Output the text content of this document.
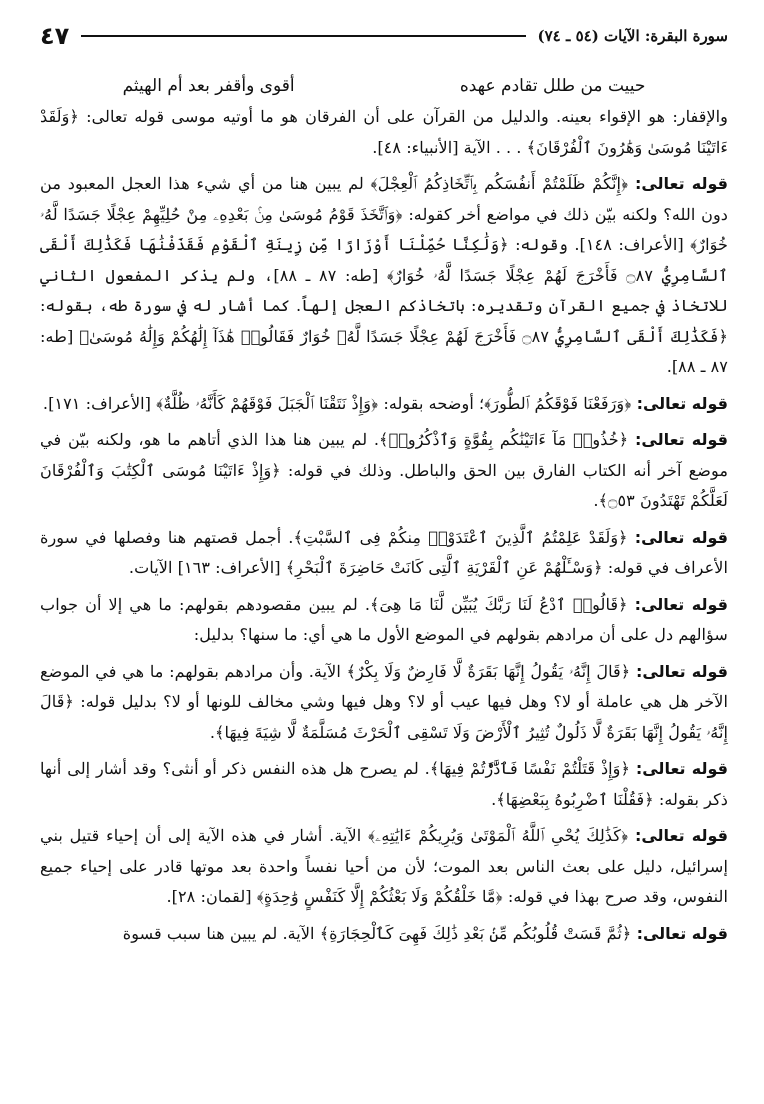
سورة البقرة: الآيات (٥٤ ـ ٧٤)
٤٧
حييت من طلل تقادم عهده
أقوى وأقفر بعد أم الهيثم

والإقفار: هو الإقواء بعينه. والدليل من القرآن على أن الفرقان هو ما أوتيه موسى قوله تعالى: ﴿وَلَقَدْ ءَاتَيْنَا مُوسَىٰ وَهَٰرُونَ ٱلْفُرْقَانَ﴾ . . . الآية [الأنبياء: ٤٨].

قوله تعالى: ﴿إِنَّكُمْ ظَلَمْتُمْ أَنفُسَكُم بِٱتِّخَاذِكُمُ ٱلْعِجْلَ﴾ لم يبين هنا من أي شيء هذا العجل المعبود من دون الله؟ ولكنه بيّن ذلك في مواضع أخر كقوله: ﴿وَٱتَّخَذَ قَوْمُ مُوسَىٰ مِنۢ بَعْدِهِۦ مِنْ حُلِيِّهِمْ عِجْلًا جَسَدًا لَّهُۥ خُوَارٌ﴾ [الأعراف: ١٤٨]. وقوله: ﴿وَلَٰكِنَّا حُمِّلْنَا أَوْزَارًا مِّن زِينَةِ ٱلْقَوْمِ فَقَذَفْنَٰهَا فَكَذَٰلِكَ أَلْقَى ٱلسَّامِرِيُّ ۝٨٧ فَأَخْرَجَ لَهُمْ عِجْلًا جَسَدًا لَّهُۥ خُوَارٌ﴾ [طه: ٨٧ ـ ٨٨]، ولم يذكر المفعول الثاني للاتخاذ في جميع القرآن وتقديره: باتخاذكم العجل إلهاً. كما أشار له في سورة طه، بقوله: ﴿فَكَذَٰلِكَ أَلْقَى ٱلسَّامِرِيُّ ۝٨٧ فَأَخْرَجَ لَهُمْ عِجْلًا جَسَدًا لَّهُۥ خُوَارٌ فَقَالُوا۟ هَٰذَآ إِلَٰهُكُمْ وَإِلَٰهُ مُوسَىٰ﴾ [طه: ٨٧ ـ ٨٨].

قوله تعالى: ﴿وَرَفَعْنَا فَوْقَكُمُ ٱلطُّورَ﴾؛ أوضحه بقوله: ﴿وَإِذْ نَتَقْنَا ٱلْجَبَلَ فَوْقَهُمْ كَأَنَّهُۥ ظُلَّةٌ﴾ [الأعراف: ١٧١].

قوله تعالى: ﴿خُذُوا۟ مَآ ءَاتَيْنَٰكُم بِقُوَّةٍ وَٱذْكُرُوا۟﴾. لم يبين هنا هذا الذي أتاهم ما هو، ولكنه بيّن في موضع آخر أنه الكتاب الفارق بين الحق والباطل. وذلك في قوله: ﴿وَإِذْ ءَاتَيْنَا مُوسَى ٱلْكِتَٰبَ وَٱلْفُرْقَانَ لَعَلَّكُمْ تَهْتَدُونَ ۝٥٣﴾.

قوله تعالى: ﴿وَلَقَدْ عَلِمْتُمُ ٱلَّذِينَ ٱعْتَدَوْا۟ مِنكُمْ فِى ٱلسَّبْتِ﴾. أجمل قصتهم هنا وفصلها في سورة الأعراف في قوله: ﴿وَسْـَٔلْهُمْ عَنِ ٱلْقَرْيَةِ ٱلَّتِى كَانَتْ حَاضِرَةَ ٱلْبَحْرِ﴾ [الأعراف: ١٦٣] الآيات.

قوله تعالى: ﴿قَالُوا۟ ٱدْعُ لَنَا رَبَّكَ يُبَيِّن لَّنَا مَا هِىَ﴾. لم يبين مقصودهم بقولهم: ما هي إلا أن جواب سؤالهم دل على أن مرادهم بقولهم في الموضع الأول ما هي أي: ما سنها؟ بدليل:

قوله تعالى: ﴿قَالَ إِنَّهُۥ يَقُولُ إِنَّهَا بَقَرَةٌ لَّا فَارِضٌ وَلَا بِكْرٌ﴾ الآية. وأن مرادهم بقولهم: ما هي في الموضع الآخر هل هي عاملة أو لا؟ وهل فيها عيب أو لا؟ وهل فيها وشي مخالف للونها أو لا؟ بدليل قوله: ﴿قَالَ إِنَّهُۥ يَقُولُ إِنَّهَا بَقَرَةٌ لَّا ذَلُولٌ تُثِيرُ ٱلْأَرْضَ وَلَا تَسْقِى ٱلْحَرْثَ مُسَلَّمَةٌ لَّا شِيَةَ فِيهَا﴾.

قوله تعالى: ﴿وَإِذْ قَتَلْتُمْ نَفْسًا فَٱدَّٰرَْٰٔتُمْ فِيهَا﴾. لم يصرح هل هذه النفس ذكر أو أنثى؟ وقد أشار إلى أنها ذكر بقوله: ﴿فَقُلْنَا ٱضْرِبُوهُ بِبَعْضِهَا﴾.

قوله تعالى: ﴿كَذَٰلِكَ يُحْىِ ٱللَّهُ ٱلْمَوْتَىٰ وَيُرِيكُمْ ءَايَٰتِهِۦ﴾ الآية. أشار في هذه الآية إلى أن إحياء قتيل بني إسرائيل، دليل على بعث الناس بعد الموت؛ لأن من أحيا نفساً واحدة بعد موتها قادر على إحياء جميع النفوس، وقد صرح بهذا في قوله: ﴿مَّا خَلْقُكُمْ وَلَا بَعْثُكُمْ إِلَّا كَنَفْسٍ وَٰحِدَةٍ﴾ [لقمان: ٢٨].

قوله تعالى: ﴿ثُمَّ قَسَتْ قُلُوبُكُم مِّنۢ بَعْدِ ذَٰلِكَ فَهِىَ كَٱلْحِجَارَةِ﴾ الآية. لم يبين هنا سبب قسوة
